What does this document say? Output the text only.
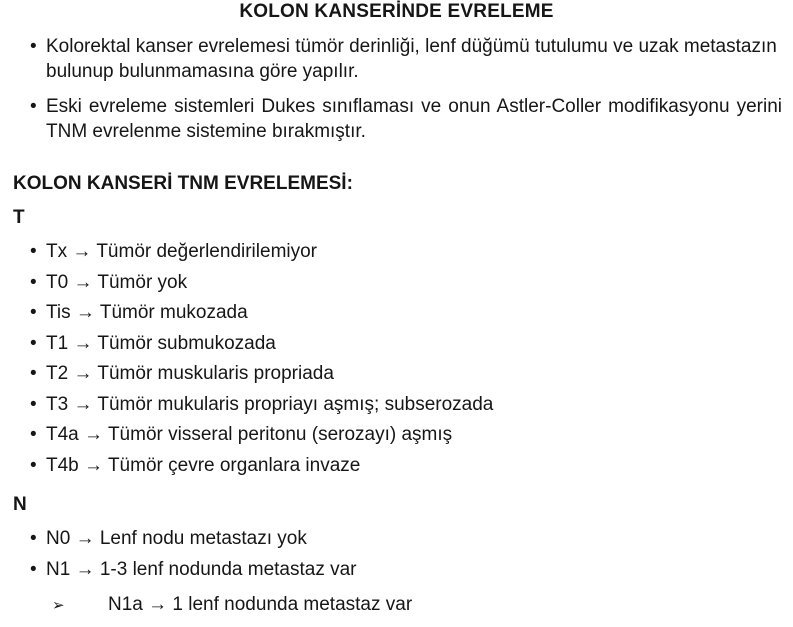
KOLON KANSERİNDE EVRELEME
• Kolorektal kanser evrelemesi tümör derinliği, lenf düğümü tutulumu ve uzak metastazın bulunup bulunmamasına göre yapılır.
• Eski evreleme sistemleri Dukes sınıflaması ve onun Astler-Coller modifikasyonu yerini TNM evrelenme sistemine bırakmıştır.
KOLON KANSERİ TNM EVRELEMESİ:
T
• Tx → Tümör değerlendirilemiyor
• T0 → Tümör yok
• Tis → Tümör mukozada
• T1 → Tümör submukozada
• T2 → Tümör muskularis propriada
• T3 → Tümör mukularis propriayı aşmış; subserozada
• T4a → Tümör visseral peritonu (serozayı) aşmış
• T4b → Tümör çevre organlara invaze
N
• N0 → Lenf nodu metastazı yok
• N1 → 1-3 lenf nodunda metastaz var
➢ N1a → 1 lenf nodunda metastaz var
